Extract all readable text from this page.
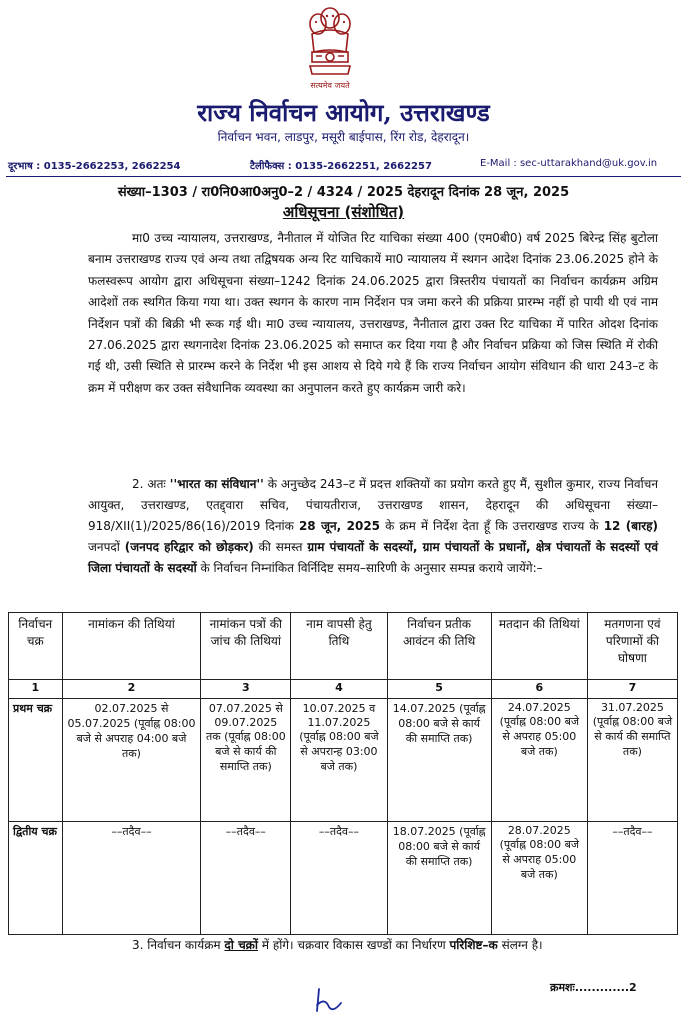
सत्यमेव जयते
राज्य निर्वाचन आयोग, उत्तराखण्ड
निर्वाचन भवन, लाडपुर, मसूरी बाईपास, रिंग रोड, देहरादून।
दूरभाष : 0135-2662253, 2662254	टैलीफैक्स : 0135-2662251, 2662257	E-Mail : sec-uttarakhand@uk.gov.in
संख्या–1303 / रा0नि0आ0अनु0–2 / 4324 / 2025 देहरादून दिनांक 28 जून, 2025
अधिसूचना (संशोधित)
मा0 उच्च न्यायालय, उत्तराखण्ड, नैनीताल में योजित रिट याचिका संख्या 400 (एम0बी0) वर्ष 2025 बिरेन्द्र सिंह बुटोला बनाम उत्तराखण्ड राज्य एवं अन्य तथा तद्विषयक अन्य रिट याचिकायें मा0 न्यायालय में स्थगन आदेश दिनांक 23.06.2025 होने के फलस्वरूप आयोग द्वारा अधिसूचना संख्या–1242 दिनांक 24.06.2025 द्वारा त्रिस्तरीय पंचायतों का निर्वाचन कार्यक्रम अग्रिम आदेशों तक स्थगित किया गया था। उक्त स्थगन के कारण नाम निर्देशन पत्र जमा करने की प्रक्रिया प्रारम्भ नहीं हो पायी थी एवं नाम निर्देशन पत्रों की बिक्री भी रूक गई थी। मा0 उच्च न्यायालय, उत्तराखण्ड, नैनीताल द्वारा उक्त रिट याचिका में पारित ओदश दिनांक 27.06.2025 द्वारा स्थगनादेश दिनांक 23.06.2025 को समाप्त कर दिया गया है और निर्वाचन प्रक्रिया को जिस स्थिति में रोकी गई थी, उसी स्थिति से प्रारम्भ करने के निर्देश भी इस आशय से दिये गये हैं कि राज्य निर्वाचन आयोग संविधान की धारा 243–ट के क्रम में परीक्षण कर उक्त संवैधानिक व्यवस्था का अनुपालन करते हुए कार्यक्रम जारी करे।
2. अतः ''भारत का संविधान'' के अनुच्छेद 243–ट में प्रदत्त शक्तियों का प्रयोग करते हुए मैं, सुशील कुमार, राज्य निर्वाचन आयुक्त, उत्तराखण्ड, एतद्द्वारा सचिव, पंचायतीराज, उत्तराखण्ड शासन, देहरादून की अधिसूचना संख्या–918/XII(1)/2025/86(16)/2019 दिनांक 28 जून, 2025 के क्रम में निर्देश देता हूँ कि उत्तराखण्ड राज्य के 12 (बारह) जनपदों (जनपद हरिद्वार को छोड़कर) की समस्त ग्राम पंचायतों के सदस्यों, ग्राम पंचायतों के प्रधानों, क्षेत्र पंचायतों के सदस्यों एवं जिला पंचायतों के सदस्यों के निर्वाचन निम्नांकित विर्निदिष्ट समय–सारिणी के अनुसार सम्पन्न कराये जायेंगे:–
निर्वाचन चक्र	नामांकन की तिथियां	नामांकन पत्रों की जांच की तिथियां	नाम वापसी हेतु तिथि	निर्वाचन प्रतीक आवंटन की तिथि	मतदान की तिथियां	मतगणना एवं परिणामों की घोषणा
1	2	3	4	5	6	7
प्रथम चक्र	02.07.2025 से 05.07.2025 (पूर्वाह्न 08:00 बजे से अपराह 04:00 बजे तक)	07.07.2025 से 09.07.2025 तक (पूर्वाह्न 08:00 बजे से कार्य की समाप्ति तक)	10.07.2025 व 11.07.2025 (पूर्वाह्न 08:00 बजे से अपरान्ह 03:00 बजे तक)	14.07.2025 (पूर्वाह्न 08:00 बजे से कार्य की समाप्ति तक)	24.07.2025 (पूर्वाह्न 08:00 बजे से अपराह 05:00 बजे तक)	31.07.2025 (पूर्वाह्न 08:00 बजे से कार्य की समाप्ति तक)
द्वितीय चक्र	––तदैव––	––तदैव––	––तदैव––	18.07.2025 (पूर्वाह्न 08:00 बजे से कार्य की समाप्ति तक)	28.07.2025 (पूर्वाह्न 08:00 बजे से अपराह 05:00 बजे तक)	––तदैव––
3. निर्वाचन कार्यक्रम दो चक्रों में होंगे। चक्रवार विकास खण्डों का निर्धारण परिशिष्ट–क संलग्न है।
क्रमशः.............2
